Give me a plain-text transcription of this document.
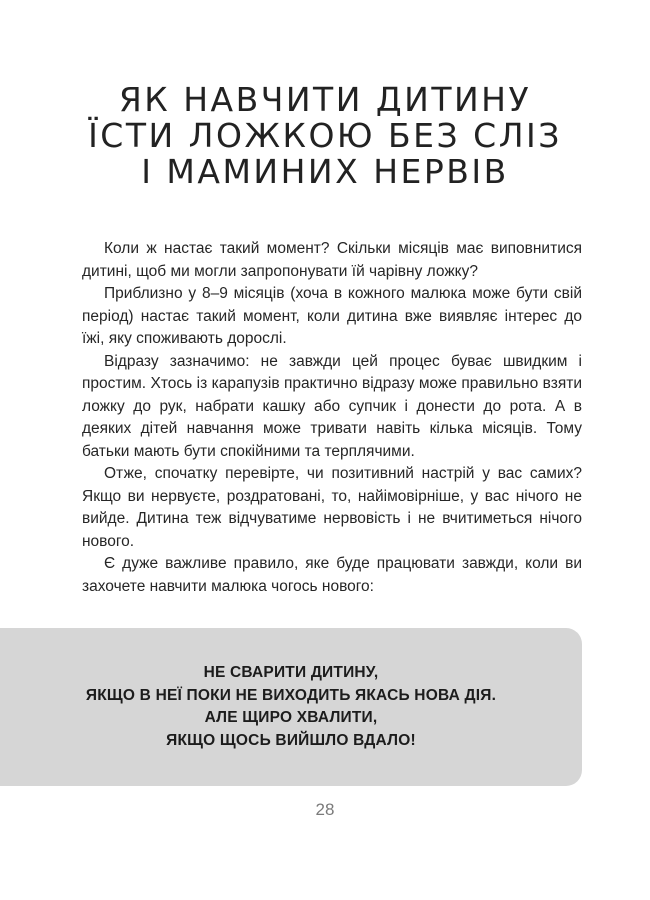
ЯК НАВЧИТИ ДИТИНУ
ЇСТИ ЛОЖКОЮ БЕЗ СЛІЗ
І МАМИНИХ НЕРВІВ

Коли ж настає такий момент? Скільки місяців має виповнитися дитині, щоб ми могли запропонувати їй чарівну ложку?

Приблизно у 8–9 місяців (хоча в кожного малюка може бути свій період) настає такий момент, коли дитина вже виявляє інтерес до їжі, яку споживають дорослі.

Відразу зазначимо: не завжди цей процес буває швидким і простим. Хтось із карапузів практично відразу може правильно взяти ложку до рук, набрати кашку або супчик і донести до рота. А в деяких дітей навчання може тривати навіть кілька місяців. Тому батьки мають бути спокійними та терплячими.

Отже, спочатку перевірте, чи позитивний настрій у вас самих? Якщо ви нервуєте, роздратовані, то, найімовірніше, у вас нічого не вийде. Дитина теж відчуватиме нервовість і не вчитиметься нічого нового.

Є дуже важливе правило, яке буде працювати завжди, коли ви захочете навчити малюка чогось нового:

НЕ СВАРИТИ ДИТИНУ,
ЯКЩО В НЕЇ ПОКИ НЕ ВИХОДИТЬ ЯКАСЬ НОВА ДІЯ.
АЛЕ ЩИРО ХВАЛИТИ,
ЯКЩО ЩОСЬ ВИЙШЛО ВДАЛО!
28
